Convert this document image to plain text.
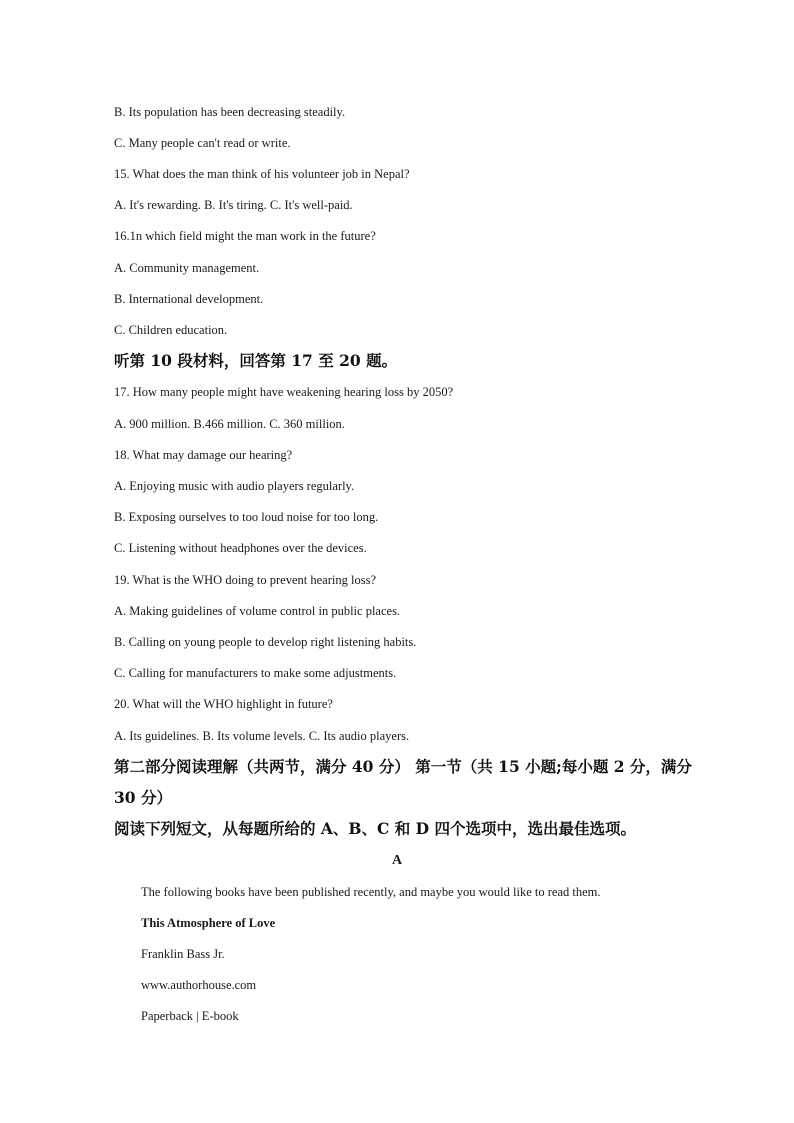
B. Its population has been decreasing steadily.
C. Many people can't read or write.
15. What does the man think of his volunteer job in Nepal?
A. It's rewarding. B. It's tiring. C. It's well-paid.
16.1n which field might the man work in the future?
A. Community management.
B. International development.
C. Children education.
听第 10 段材料，回答第 17 至 20 题。
17. How many people might have weakening hearing loss by 2050?
A. 900 million. B.466 million. C. 360 million.
18. What may damage our hearing?
A. Enjoying music with audio players regularly.
B. Exposing ourselves to too loud noise for too long.
C. Listening without headphones over the devices.
19. What is the WHO doing to prevent hearing loss?
A. Making guidelines of volume control in public places.
B. Calling on young people to develop right listening habits.
C. Calling for manufacturers to make some adjustments.
20. What will the WHO highlight in future?
A. Its guidelines. B. Its volume levels. C. Its audio players.
第二部分阅读理解（共两节，满分 40 分） 第一节（共 15 小题;每小题 2 分，满分
30 分）
阅读下列短文，从每题所给的 A、B、C 和 D 四个选项中，选出最佳选项。
A
The following books have been published recently, and maybe you would like to read them.
This Atmosphere of Love
Franklin Bass Jr.
www.authorhouse.com
Paperback | E-book
